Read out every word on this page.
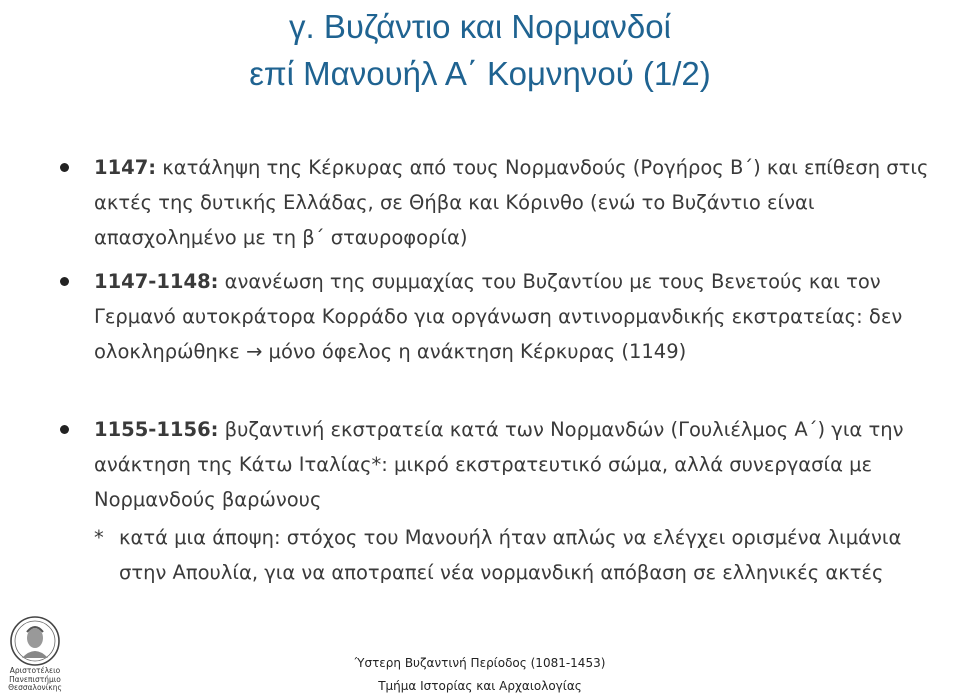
γ. Βυζάντιο και Νορμανδοί
επί Μανουήλ Α΄ Κομνηνού (1/2)
1147: κατάληψη της Κέρκυρας από τους Νορμανδούς (Ρογήρος Β΄) και επίθεση στις ακτές της δυτικής Ελλάδας, σε Θήβα και Κόρινθο (ενώ το Βυζάντιο είναι απασχολημένο με τη β΄ σταυροφορία)
1147-1148: ανανέωση της συμμαχίας του Βυζαντίου με τους Βενετούς και τον Γερμανό αυτοκράτορα Κορράδο για οργάνωση αντινορμανδικής εκστρατείας: δεν ολοκληρώθηκε → μόνο όφελος η ανάκτηση Κέρκυρας (1149)
1155-1156: βυζαντινή εκστρατεία κατά των Νορμανδών (Γουλιέλμος Α΄) για την ανάκτηση της Κάτω Ιταλίας*: μικρό εκστρατευτικό σώμα, αλλά συνεργασία με Νορμανδούς βαρώνους
* κατά μια άποψη: στόχος του Μανουήλ ήταν απλώς να ελέγχει ορισμένα λιμάνια στην Απουλία, για να αποτραπεί νέα νορμανδική απόβαση σε ελληνικές ακτές
Αριστοτέλειο
Πανεπιστήμιο
Θεσσαλονίκης
Ύστερη Βυζαντινή Περίοδος (1081-1453)
Τμήμα Ιστορίας και Αρχαιολογίας
